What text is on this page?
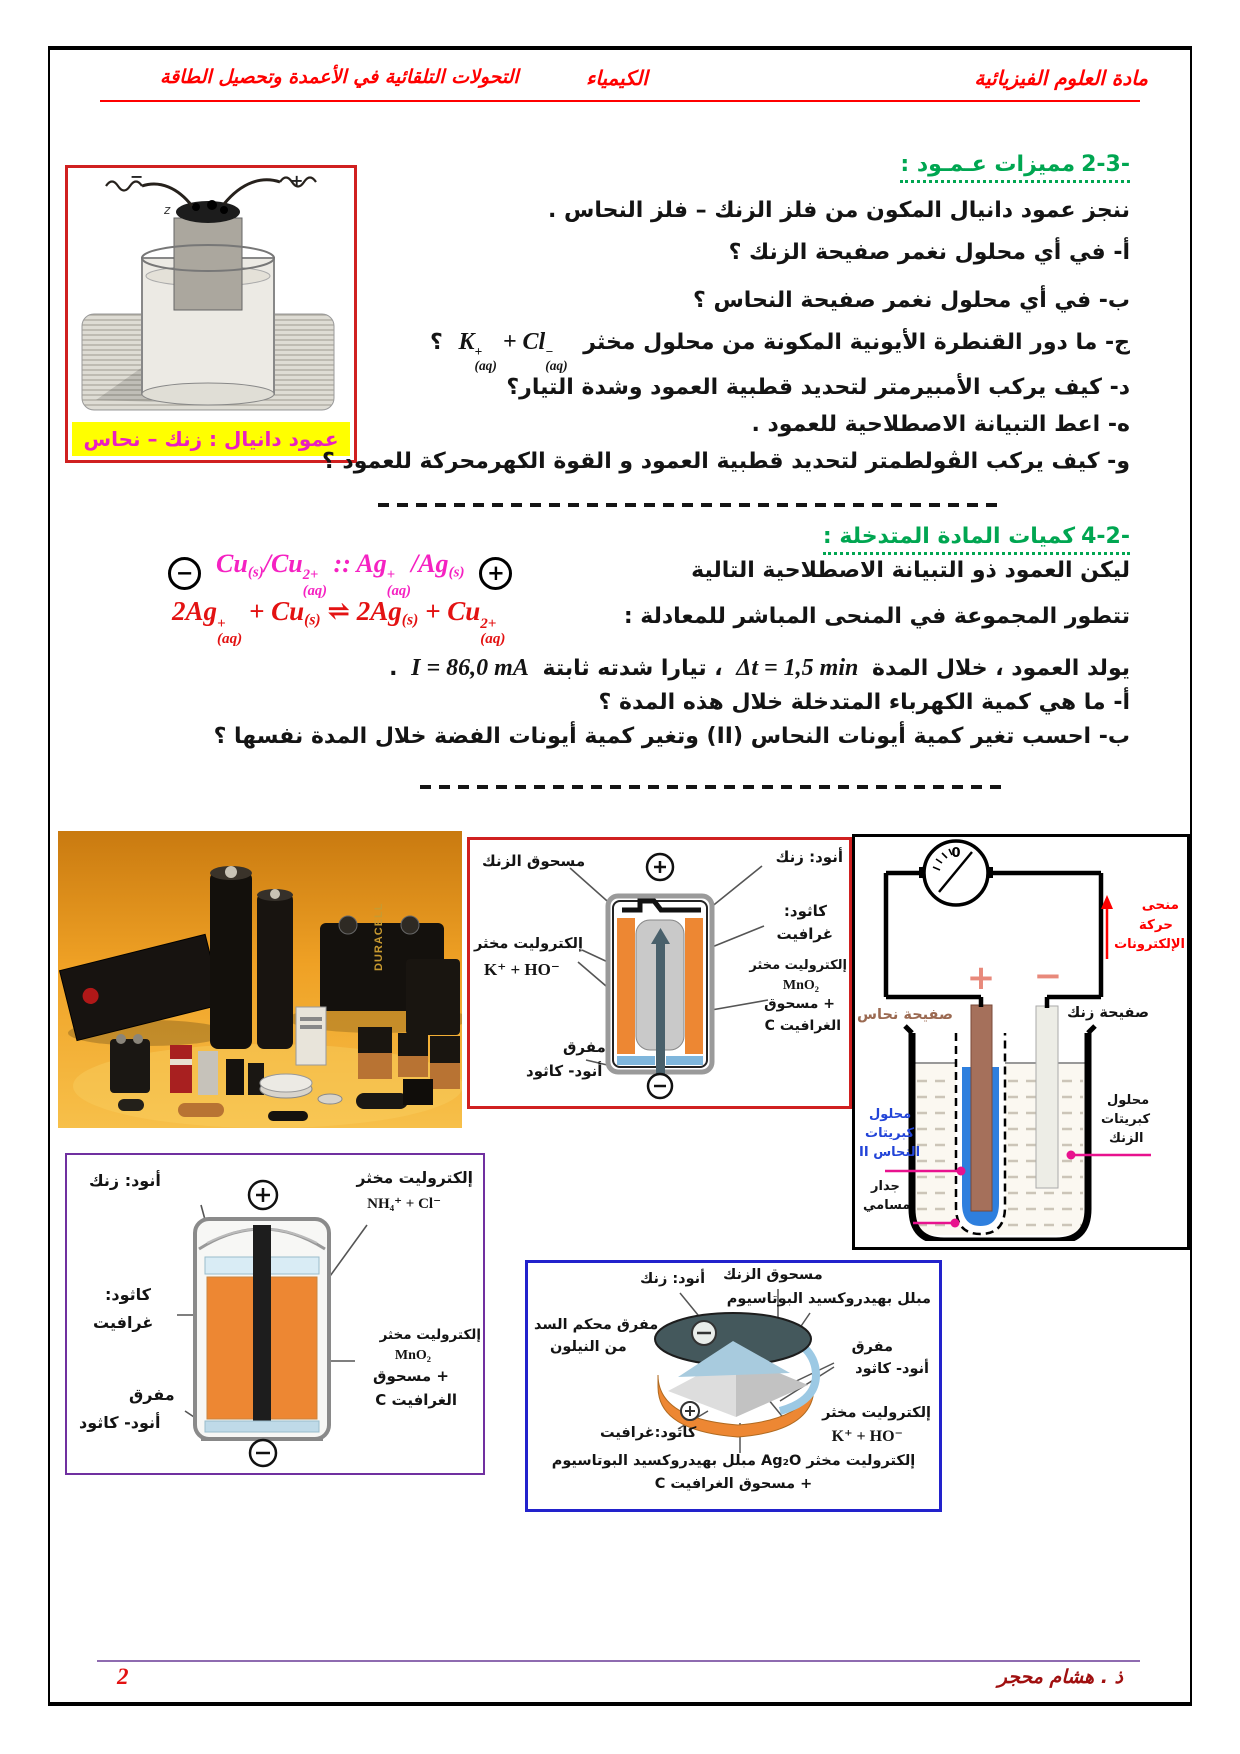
مادة العلوم الفيزيائية
الكيمياء
التحولات التلقائية في الأعمدة وتحصيل الطاقة
−	+
z
عمود دانيال : زنك – نحاس
2-3-مميزات عـمـود :
ننجز عمود دانيال المكون من فلز الزنك – فلز النحاس .
أ- في أي محلول نغمر صفيحة الزنك ؟
ب- في أي محلول نغمر صفيحة النحاس ؟
ج- ما دور القنطرة الأيونية المكونة من محلول مخثر K +
(aq)
+ Cl −
(aq)
؟
د- كيف يركب الأمبيرمتر لتحديد قطبية العمود وشدة التيار؟
ه- اعط التبيانة الاصطلاحية للعمود .
و- كيف يركب الڤولطمتر لتحديد قطبية العمود و القوة الكهرمحركة للعمود ؟
4-2-كميات المادة المتدخلة :
ليكن العمود ذو التبيانة الاصطلاحية التالية
− $Cu_{(s)}/Cu$ 2+
(aq)
:: Ag +
(aq)
$/Ag_{(s)}$	+
تتطور المجموعة في المنحى المباشر للمعادلة :
2Ag +
(aq)
+ $Cu_{(s)}$ ⇌ $2Ag_{(s)} + Cu$ 2+
(aq)
يولد العمود ، خلال المدة Δt = 1,5 min ، تيارا شدته ثابتة I = 86,0 mA .
أ- ما هي كمية الكهرباء المتدخلة خلال هذه المدة ؟
ب- احسب تغير كمية أيونات النحاس (II) وتغير كمية أيونات الفضة خلال المدة نفسها ؟
DURACELL
مسحوق الزنك	أنود: زنك
إلكتروليت مخثر
K⁺ + HO⁻
كاثود:
غرافيت
إلكتروليت مخثر
MnO₂
+ مسحوق
الغرافيت C
مفرق
أنود- كاثود
0
+ −
منحى
حركة
الإلكترونات
صفيحة نحاس	صفيحة زنك
محلول
كبريتات
النحاس II
محلول
كبريتات
الزنك
جدار
مسامي
أنود: زنك	إلكتروليت مخثر
NH₄⁺ + Cl⁻
كاثود:
غرافيت
إلكتروليت مخثر
MnO₂
+ مسحوق
الغرافيت C
مفرق
أنود- كاثود
مسحوق الزنك
أنود: زنك
مبلل بهيدروكسيد البوتاسيوم
مفرق محكم السد
من النيلون	مفرق
أنود- كاثود
إلكتروليت مخثر
K⁺ + HO⁻
كاثود:غرافيت
إلكتروليت مخثر Ag₂O مبلل بهيدروكسيد البوتاسيوم
+ مسحوق الغرافيت C
ذ . هشام محجر
2
